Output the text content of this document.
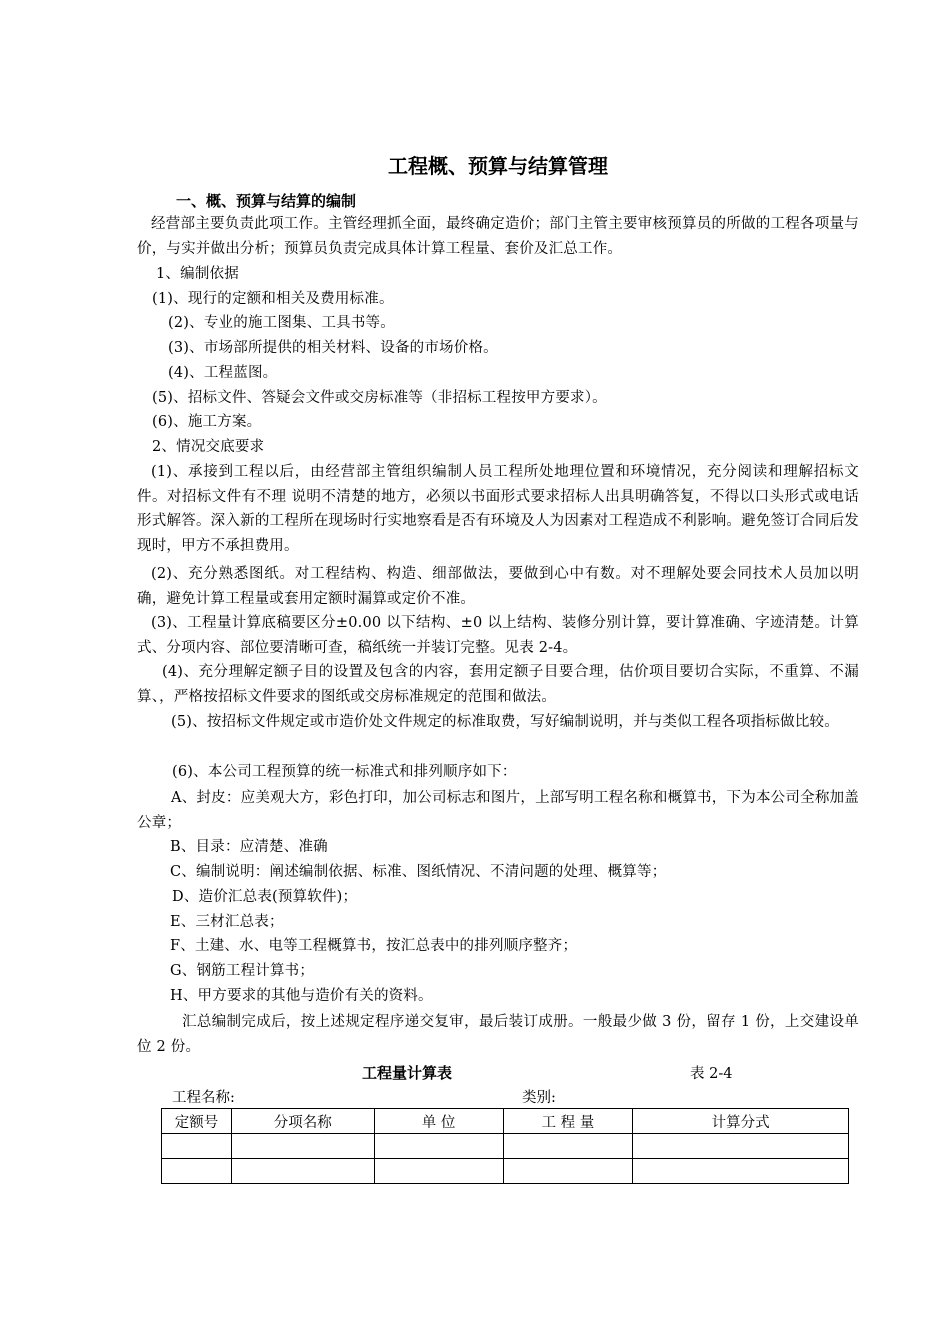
工程概、预算与结算管理
一、概、预算与结算的编制
经营部主要负责此项工作。主管经理抓全面，最终确定造价；部门主管主要审核预算员的所做的工程各项量与价，与实并做出分析；预算员负责完成具体计算工程量、套价及汇总工作。
1、编制依据
(1)、现行的定额和相关及费用标准。
(2)、专业的施工图集、工具书等。
(3)、市场部所提供的相关材料、设备的市场价格。
(4)、工程蓝图。
(5)、招标文件、答疑会文件或交房标准等（非招标工程按甲方要求）。
(6)、施工方案。
2、情况交底要求
(1)、承接到工程以后，由经营部主管组织编制人员工程所处地理位置和环境情况，充分阅读和理解招标文件。对招标文件有不理 说明不清楚的地方，必须以书面形式要求招标人出具明确答复，不得以口头形式或电话形式解答。深入新的工程所在现场时行实地察看是否有环境及人为因素对工程造成不利影响。避免签订合同后发现时，甲方不承担费用。
(2)、充分熟悉图纸。对工程结构、构造、细部做法，要做到心中有数。对不理解处要会同技术人员加以明确，避免计算工程量或套用定额时漏算或定价不准。
(3)、工程量计算底稿要区分±0.00 以下结构、±0 以上结构、装修分别计算，要计算准确、字迹清楚。计算式、分项内容、部位要清晰可查，稿纸统一并装订完整。见表 2-4。
(4)、充分理解定额子目的设置及包含的内容，套用定额子目要合理，估价项目要切合实际，不重算、不漏算、，严格按招标文件要求的图纸或交房标准规定的范围和做法。
(5)、按招标文件规定或市造价处文件规定的标准取费，写好编制说明，并与类似工程各项指标做比较。
(6)、本公司工程预算的统一标准式和排列顺序如下：
A、封皮：应美观大方，彩色打印，加公司标志和图片，上部写明工程名称和概算书，下为本公司全称加盖公章；
B、目录：应清楚、准确
C、编制说明：阐述编制依据、标准、图纸情况、不清问题的处理、概算等；
D、造价汇总表(预算软件)；
E、三材汇总表；
F、土建、水、电等工程概算书，按汇总表中的排列顺序整齐；
G、钢筋工程计算书；
H、甲方要求的其他与造价有关的资料。
汇总编制完成后，按上述规定程序递交复审，最后装订成册。一般最少做 3 份，留存 1 份，上交建设单位 2 份。
工程量计算表	表 2-4
工程名称:	类别:
定额号	分项名称	单 位	工 程 量	计算分式
